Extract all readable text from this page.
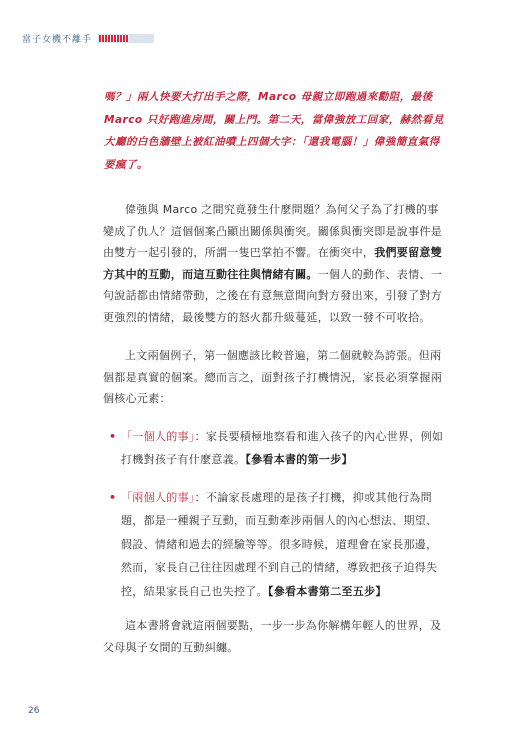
當子女機不離手

嗎？」兩人快要大打出手之際，Marco 母親立即跑過來勸阻，最後 Marco 只好跑進房間，關上門。第二天，當偉強放工回家，赫然看見大廳的白色牆壁上被紅油噴上四個大字：「還我電腦！」偉強簡直氣得要瘋了。

偉強與 Marco 之間究竟發生什麼問題？為何父子為了打機的事變成了仇人？這個個案凸顯出關係與衝突。關係與衝突即是說事件是由雙方一起引發的，所謂一隻巴掌拍不響。在衝突中，我們要留意雙方其中的互動，而這互動往往與情緒有關。一個人的動作、表情、一句說話都由情緒帶動，之後在有意無意間向對方發出來，引發了對方更強烈的情緒，最後雙方的怒火都升級蔓延，以致一發不可收拾。

上文兩個例子，第一個應該比較普遍，第二個就較為誇張。但兩個都是真實的個案。總而言之，面對孩子打機情況，家長必須掌握兩個核心元素：

• 「一個人的事」：家長要積極地察看和進入孩子的內心世界，例如打機對孩子有什麼意義。【參看本書的第一步】
• 「兩個人的事」：不論家長處理的是孩子打機，抑或其他行為問題，都是一種親子互動，而互動牽涉兩個人的內心想法、期望、假設、情緒和過去的經驗等等。很多時候，道理會在家長那邊，然而，家長自己往往因處理不到自己的情緒，導致把孩子迫得失控，結果家長自己也失控了。【參看本書第二至五步】

這本書將會就這兩個要點，一步一步為你解構年輕人的世界，及父母與子女間的互動糾纏。

26
